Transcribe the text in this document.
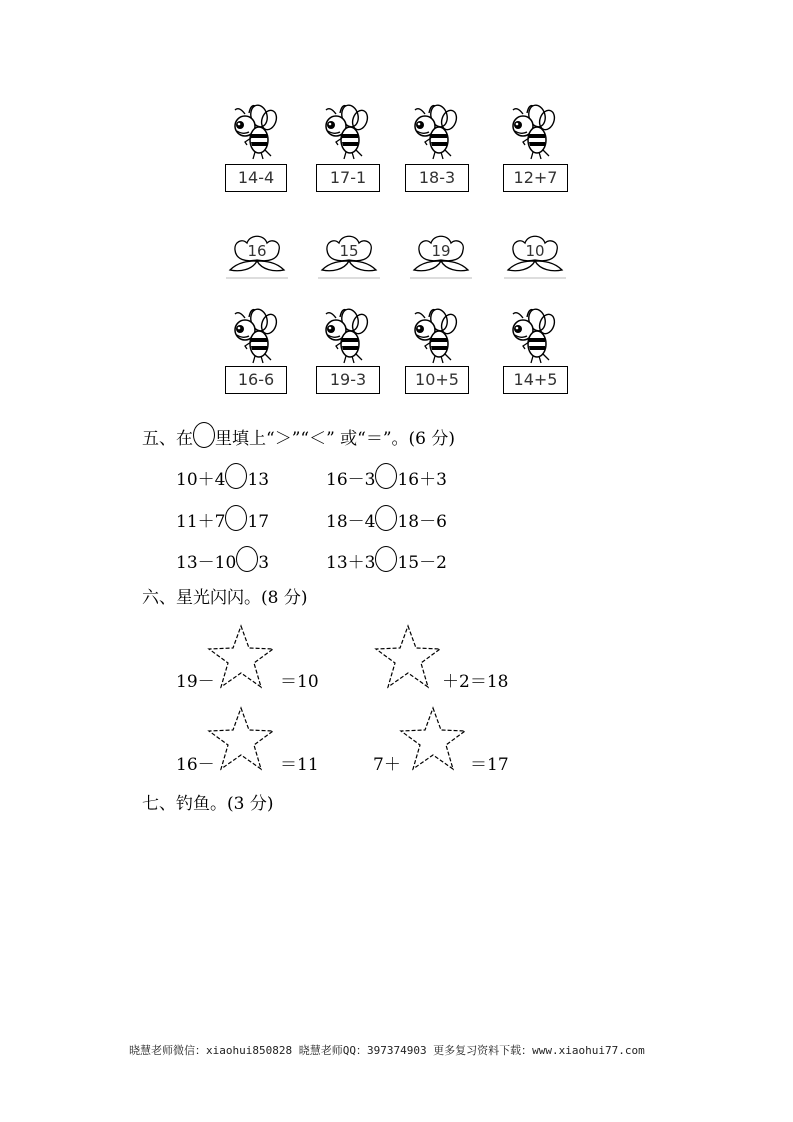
14-4	17-1	18-3	12+7
16	15	19	10
16-6	19-3	10+5	14+5
五、在 里填上“＞”“＜” 或“＝”。(6 分)
10＋4 13	16－3 16＋3
11＋7 17	18－4 18－6
13－10 3	13＋3 15－2
六、星光闪闪。(8 分)
19－	＝10	＋2＝18
16－	＝11	7＋	＝17
七、钓鱼。(3 分)
晓慧老师微信：xiaohui850828 晓慧老师QQ：397374903 更多复习资料下载：www.xiaohui77.com
